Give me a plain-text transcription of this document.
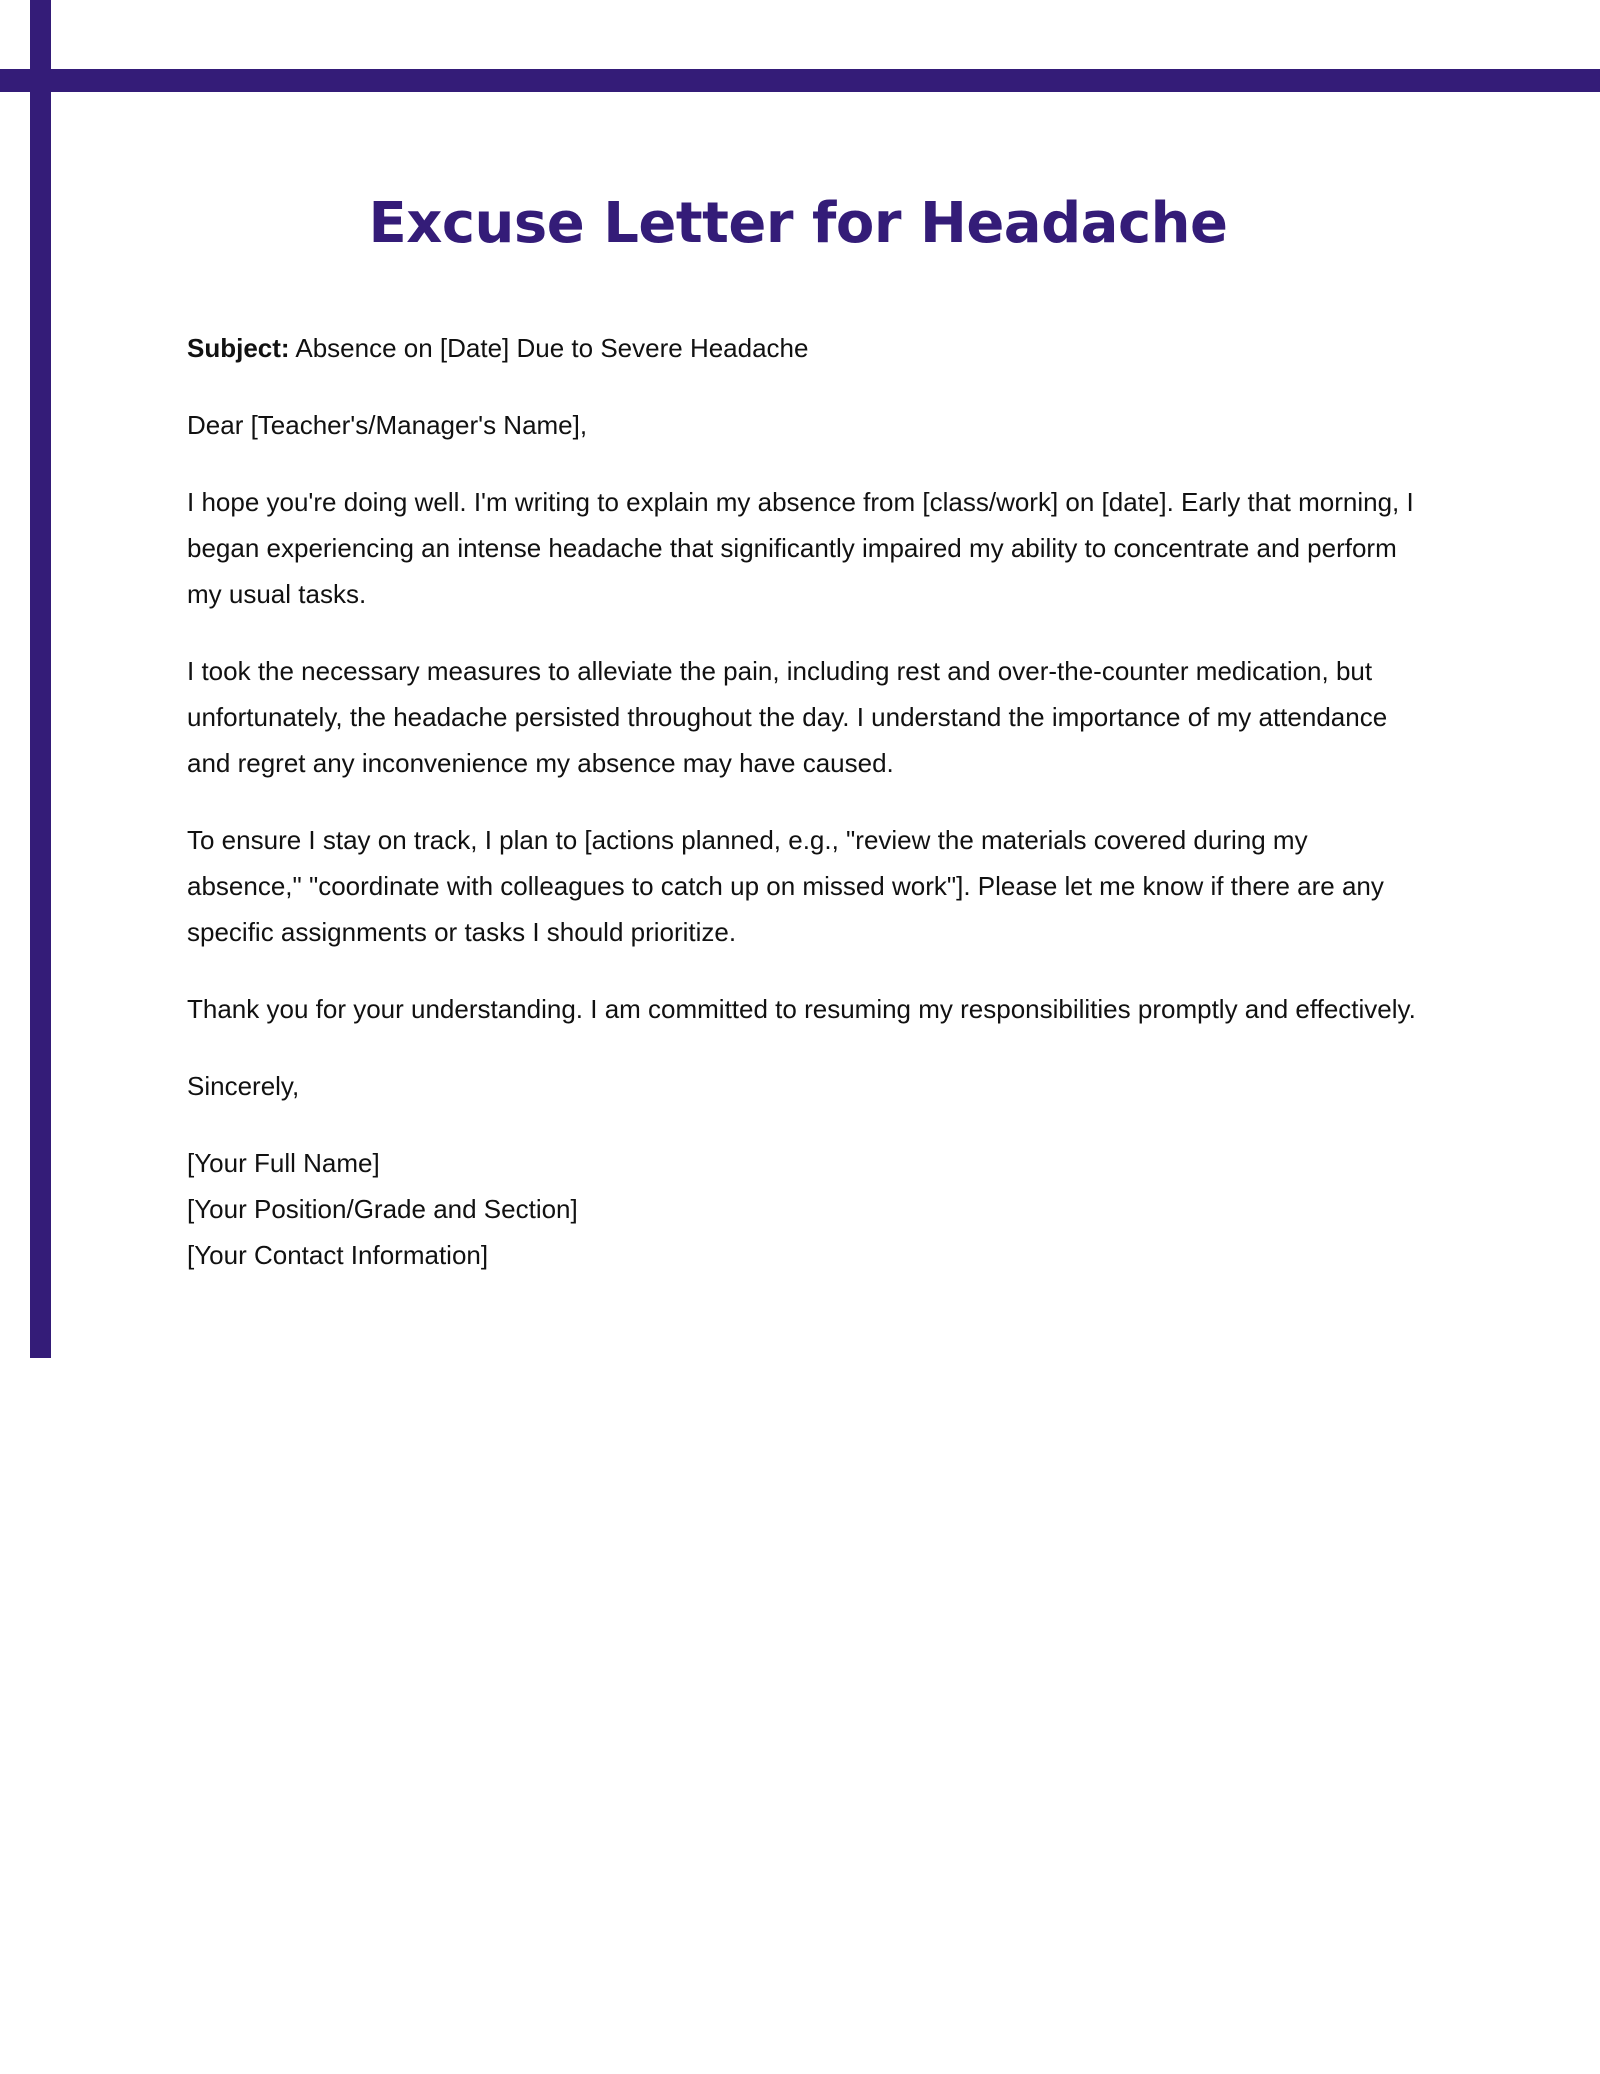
Excuse Letter for Headache

Subject: Absence on [Date] Due to Severe Headache

Dear [Teacher's/Manager's Name],

I hope you're doing well. I'm writing to explain my absence from [class/work] on [date]. Early that morning, I began experiencing an intense headache that significantly impaired my ability to concentrate and perform my usual tasks.

I took the necessary measures to alleviate the pain, including rest and over-the-counter medication, but unfortunately, the headache persisted throughout the day. I understand the importance of my attendance and regret any inconvenience my absence may have caused.

To ensure I stay on track, I plan to [actions planned, e.g., "review the materials covered during my absence," "coordinate with colleagues to catch up on missed work"]. Please let me know if there are any specific assignments or tasks I should prioritize.

Thank you for your understanding. I am committed to resuming my responsibilities promptly and effectively.

Sincerely,

[Your Full Name]

[Your Position/Grade and Section]

[Your Contact Information]
